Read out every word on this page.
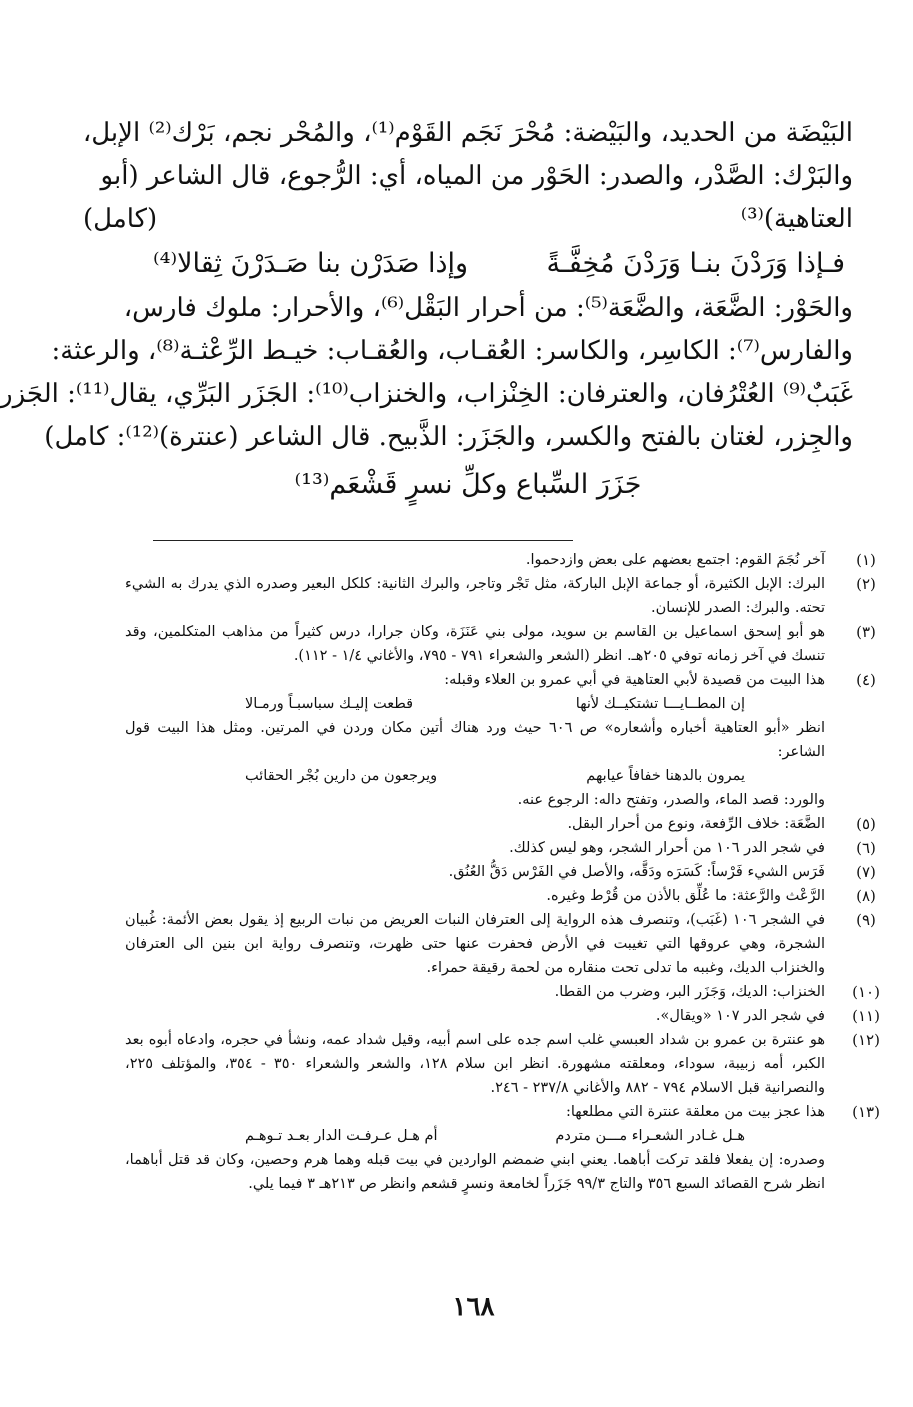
البَيْضَة من الحديد، والبَيْضة: مُحْرَ نَجَم القَوْم⁽¹⁾، والمُحْر نجم، بَرْك⁽²⁾ الإبل،
والبَرْك: الصَّدْر، والصدر: الحَوْر من المياه، أي: الرُّجوع، قال الشاعر (أبو
العتاهية)⁽³⁾
(كامل)
فـإذا وَرَدْنَ بنـا وَرَدْنَ مُخِفَّـةً
وإذا صَدَرْن بنا صَـدَرْنَ ثِقالا⁽⁴⁾
والحَوْر: الضَّعَة، والضَّعَة⁽⁵⁾: من أحرار البَقْل⁽⁶⁾، والأحرار: ملوك فارس،
والفارس⁽⁷⁾: الكاسِر، والكاسر: العُقـاب، والعُقـاب: خيـط الرِّعْثـة⁽⁸⁾، والرعثة:
غَبَبٌ⁽⁹⁾ العُتْرُفان، والعترفان: الخِنْزاب، والخنزاب⁽¹⁰⁾: الجَزَر البَرِّي، يقال⁽¹¹⁾: الجَزر
والجِزر، لغتان بالفتح والكسر، والجَزَر: الذَّبيح. قال الشاعر (عنترة)⁽¹²⁾: كامل)
جَزَرَ السِّباع وكلِّ نسرٍ قَشْعَم⁽¹³⁾
(١)
آخر نُجَمَ القوم: اجتمع بعضهم على بعض وازدحموا.
(٢)
البرك: الإبل الكثيرة، أو جماعة الإبل الباركة، مثل تَجْر وتاجر، والبرك الثانية: كلكل البعير وصدره الذي يدرك به الشيء تحته. والبرك: الصدر للإنسان.
(٣)
هو أبو إسحق اسماعيل بن القاسم بن سويد، مولى بني عَنَزَة، وكان جرارا، درس كثيراً من مذاهب المتكلمين، وقد تنسك في آخر زمانه توفي ٢٠٥هـ. انظر (الشعر والشعراء ٧٩١ - ٧٩٥، والأغاني ١/٤ - ١١٢).
(٤)
هذا البيت من قصيدة لأبي العتاهية في أبي عمرو بن العلاء وقبله:
إن المطــايـــا تشتكيــك لأنها
قطعت إليـك سباسبـاً ورمـالا
انظر «أبو العتاهية أخباره وأشعاره» ص ٦٠٦ حيث ورد هناك أتين مكان وردن في المرتين. ومثل هذا البيت قول الشاعر:
يمرون بالدهنا خفافاً عيابهم
ويرجعون من دارين بُجْر الحقائب
والورد: قصد الماء، والصدر، وتفتح داله: الرجوع عنه.
(٥)
الضَّعَة: خلاف الرِّفعة، ونوع من أحرار البقل.
(٦)
في شجر الدر ١٠٦ من أحرار الشجر، وهو ليس كذلك.
(٧)
فَرَس الشيء فَرْساً: كَسَرَه ودَقَّه، والأصل في الفَرْس دَقُّ العُنُق.
(٨)
الرَّعْث والرَّعثة: ما عُلِّق بالأذن من قُرْط وغيره.
(٩)
في الشجر ١٠٦ (غَبَب)، وتنصرف هذه الرواية إلى العترفان النبات العريض من نبات الربيع إذ يقول بعض الأئمة: غُبيان الشجرة، وهي عروقها التي تغيبت في الأرض فحفرت عنها حتى ظهرت، وتنصرف رواية ابن بنين الى العترفان والخنزاب الديك، وغببه ما تدلى تحت منقاره من لحمة رقيقة حمراء.
(١٠)
الخنزاب: الديك، وَجَزَر البر، وضرب من القطا.
(١١)
في شجر الدر ١٠٧ «ويقال».
(١٢)
هو عنترة بن عمرو بن شداد العبسي غلب اسم جده على اسم أبيه، وقيل شداد عمه، ونشأ في حجره، وادعاه أبوه بعد الكبر، أمه زبيبة، سوداء، ومعلقته مشهورة. انظر ابن سلام ١٢٨، والشعر والشعراء ٣٥٠ - ٣٥٤، والمؤتلف ٢٢٥، والنصرانية قبل الاسلام ٧٩٤ - ٨٨٢ والأغاني ٢٣٧/٨ - ٢٤٦.
(١٣)
هذا عجز بيت من معلقة عنترة التي مطلعها:
هـل غـادر الشعـراء مـــن متردم
أم هـل عـرفـت الدار بعـد تـوهـم
وصدره: إن يفعلا فلقد تركت أباهما. يعني ابني ضمضم الواردين في بيت قبله وهما هرم وحصين، وكان قد قتل أباهما، انظر شرح القصائد السبع ٣٥٦ والتاج ٩٩/٣ جَزَراً لخامعة ونسرٍ قشعم وانظر ص ٢١٣هـ ٣ فيما يلي.
١٦٨
